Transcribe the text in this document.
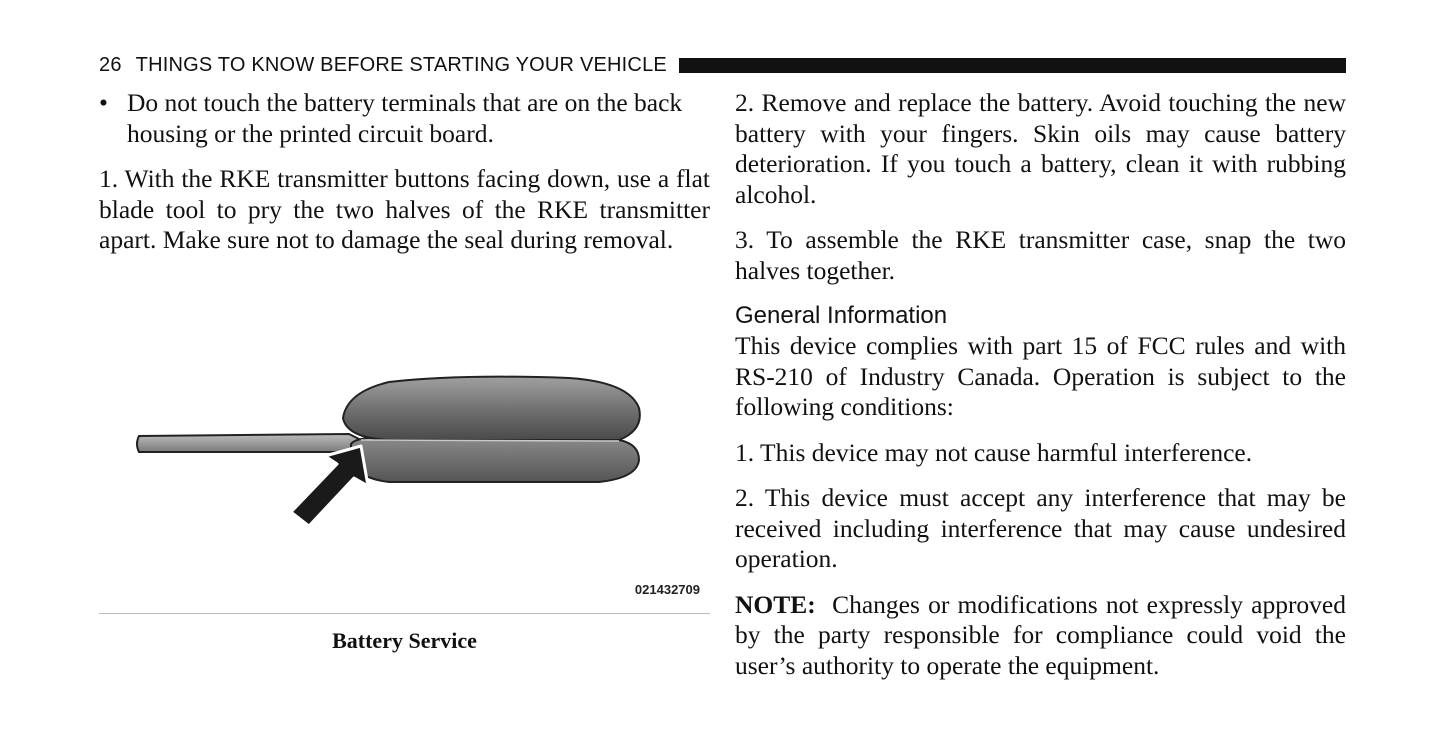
26 THINGS TO KNOW BEFORE STARTING YOUR VEHICLE
• Do not touch the battery terminals that are on the back housing or the printed circuit board.

1. With the RKE transmitter buttons facing down, use a flat blade tool to pry the two halves of the RKE transmitter apart. Make sure not to damage the seal during removal.

021432709
Battery Service

2. Remove and replace the battery. Avoid touching the new battery with your fingers. Skin oils may cause battery deterioration. If you touch a battery, clean it with rubbing alcohol.

3. To assemble the RKE transmitter case, snap the two halves together.

General Information

This device complies with part 15 of FCC rules and with RS-210 of Industry Canada. Operation is subject to the following conditions:

1. This device may not cause harmful interference.

2. This device must accept any interference that may be received including interference that may cause undesired operation.

NOTE: Changes or modifications not expressly approved by the party responsible for compliance could void the user’s authority to operate the equipment.
